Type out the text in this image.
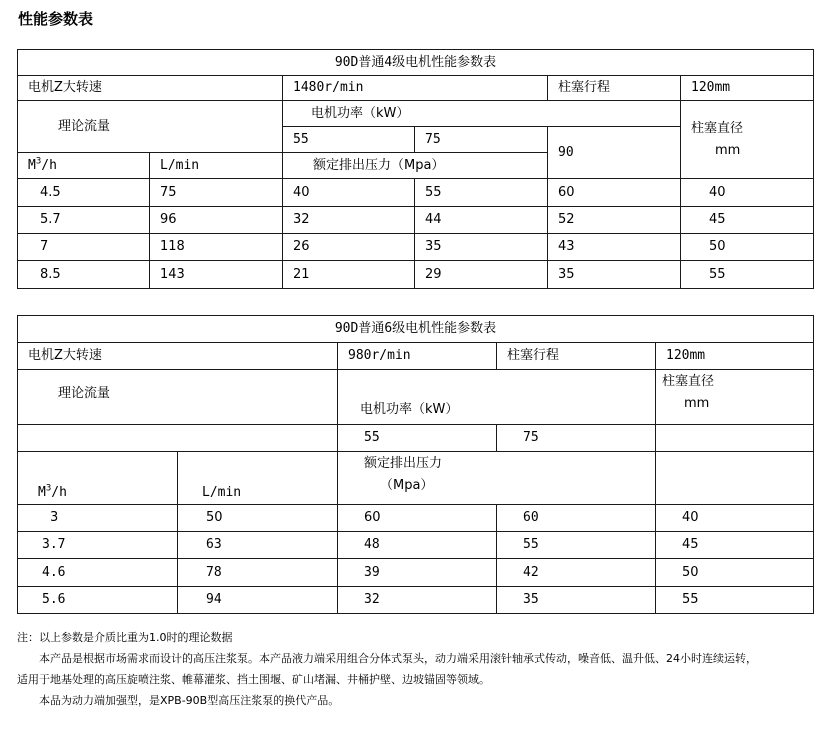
性能参数表
90D普通4级电机性能参数表					
电机Z大转速		1480r/min		柱塞行程	120mm
理论流量		电机功率（kW）			柱塞直径
mm

		55	75	90	
$M^3/h$	L/min	额定排出压力（Mpa）			
4.5	75	40	55	60	40
5.7	96	32	44	52	45
7	118	26	35	43	50
8.5	143	21	29	35	55
90D普通6级电机性能参数表				
电机Z大转速		980r/min	柱塞行程	120mm
理论流量		电机功率（kW）		柱塞直径
mm

		55	75	
$M^3/h$	L/min	额定排出压力
（Mpa）		

3	50	60	60	40
3.7	63	48	55	45
4.6	78	39	42	50
5.6	94	32	35	55

注：以上参数是介质比重为1.0时的理论数据

本产品是根据市场需求而设计的高压注浆泵。本产品液力端采用组合分体式泵头，动力端采用滚针轴承式传动，噪音低、温升低、24小时连续运转，

适用于地基处理的高压旋喷注浆、帷幕灌浆、挡土围堰、矿山堵漏、井桶护壁、边坡锚固等领域。

本品为动力端加强型，是XPB-90B型高压注浆泵的换代产品。
